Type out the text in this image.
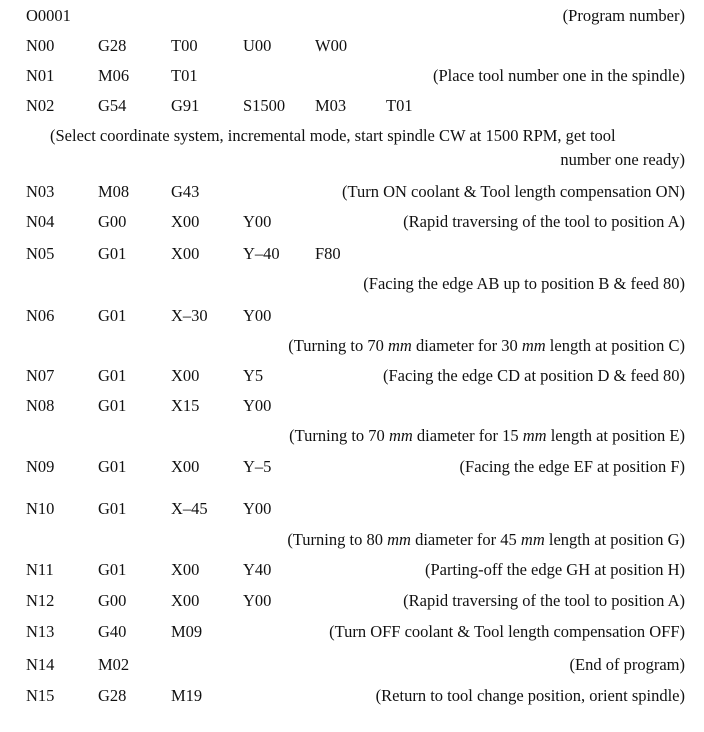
O0001	(Program number)
N00	G28	T00	U00	W00
N01	M06	T01	(Place tool number one in the spindle)
N02	G54	G91	S1500 M03 T01
(Select coordinate system, incremental mode, start spindle CW at 1500 RPM, get tool
number one ready)
N03	M08	G43	(Turn ON coolant & Tool length compensation ON)
N04	G00	X00	Y00	(Rapid traversing of the tool to position A)
N05	G01	X00	Y–40 F80
(Facing the edge AB up to position B & feed 80)
N06	G01	X–30 Y00
(Turning to 70 mm diameter for 30 mm length at position C)
N07	G01	X00	Y5	(Facing the edge CD at position D & feed 80)
N08	G01	X15	Y00
(Turning to 70 mm diameter for 15 mm length at position E)
N09	G01	X00	Y–5	(Facing the edge EF at position F)
N10	G01	X–45 Y00
(Turning to 80 mm diameter for 45 mm length at position G)
N11	G01	X00	Y40	(Parting-off the edge GH at position H)
N12	G00	X00	Y00	(Rapid traversing of the tool to position A)
N13	G40	M09	(Turn OFF coolant & Tool length compensation OFF)
N14	M02	(End of program)
N15	G28	M19	(Return to tool change position, orient spindle)
